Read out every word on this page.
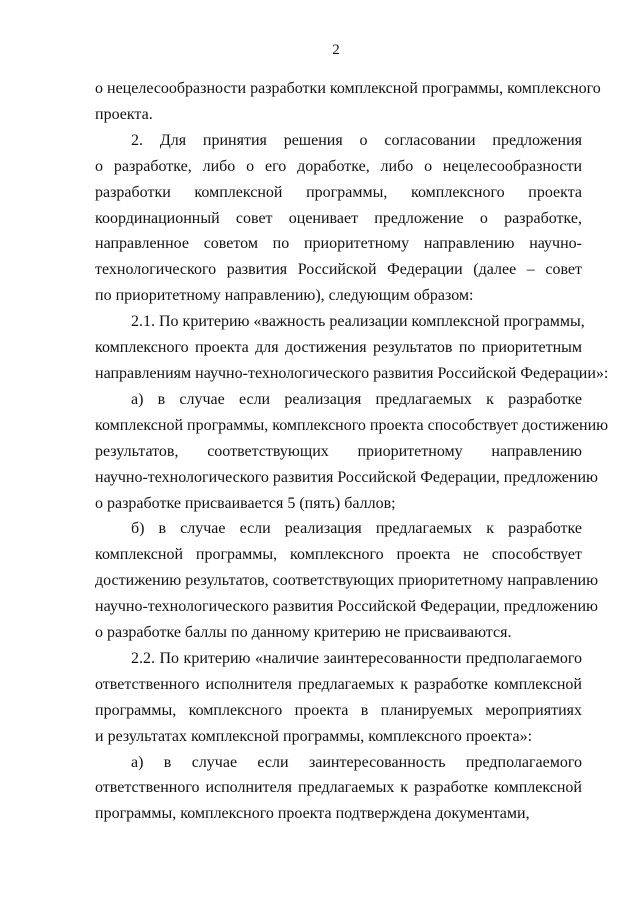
2
о нецелесообразности разработки комплексной программы, комплексного
проекта.
2. Для принятия решения о согласовании предложения
о разработке, либо о его доработке, либо о нецелесообразности
разработки комплексной программы, комплексного проекта
координационный совет оценивает предложение о разработке,
направленное советом по приоритетному направлению научно-
технологического развития Российской Федерации (далее – совет
по приоритетному направлению), следующим образом:
2.1. По критерию «важность реализации комплексной программы,
комплексного проекта для достижения результатов по приоритетным
направлениям научно-технологического развития Российской Федерации»:
а) в случае если реализация предлагаемых к разработке
комплексной программы, комплексного проекта способствует достижению
результатов, соответствующих приоритетному направлению
научно-технологического развития Российской Федерации, предложению
о разработке присваивается 5 (пять) баллов;
б) в случае если реализация предлагаемых к разработке
комплексной программы, комплексного проекта не способствует
достижению результатов, соответствующих приоритетному направлению
научно-технологического развития Российской Федерации, предложению
о разработке баллы по данному критерию не присваиваются.
2.2. По критерию «наличие заинтересованности предполагаемого
ответственного исполнителя предлагаемых к разработке комплексной
программы, комплексного проекта в планируемых мероприятиях
и результатах комплексной программы, комплексного проекта»:
а) в случае если заинтересованность предполагаемого
ответственного исполнителя предлагаемых к разработке комплексной
программы, комплексного проекта подтверждена документами,
